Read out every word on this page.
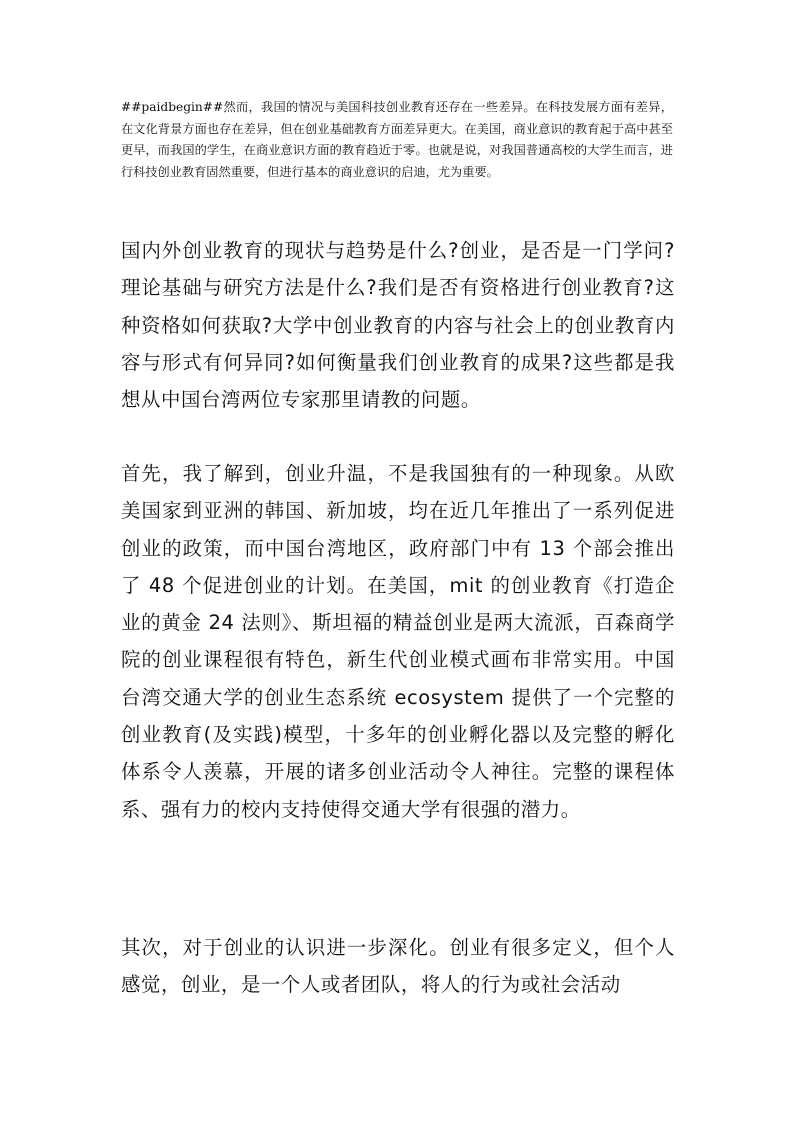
##paidbegin##然而，我国的情况与美国科技创业教育还存在一些差异。在科技发展方面有差异，在文化背景方面也存在差异，但在创业基础教育方面差异更大。在美国，商业意识的教育起于高中甚至更早，而我国的学生，在商业意识方面的教育趋近于零。也就是说，对我国普通高校的大学生而言，进行科技创业教育固然重要，但进行基本的商业意识的启迪，尤为重要。

国内外创业教育的现状与趋势是什么?创业，是否是一门学问?理论基础与研究方法是什么?我们是否有资格进行创业教育?这种资格如何获取?大学中创业教育的内容与社会上的创业教育内容与形式有何异同?如何衡量我们创业教育的成果?这些都是我想从中国台湾两位专家那里请教的问题。

首先，我了解到，创业升温，不是我国独有的一种现象。从欧美国家到亚洲的韩国、新加坡，均在近几年推出了一系列促进创业的政策，而中国台湾地区，政府部门中有 13 个部会推出了 48 个促进创业的计划。在美国，mit 的创业教育《打造企业的黄金 24 法则》、斯坦福的精益创业是两大流派，百森商学院的创业课程很有特色，新生代创业模式画布非常实用。中国台湾交通大学的创业生态系统 ecosystem 提供了一个完整的创业教育(及实践)模型，十多年的创业孵化器以及完整的孵化体系令人羡慕，开展的诸多创业活动令人神往。完整的课程体系、强有力的校内支持使得交通大学有很强的潜力。

其次，对于创业的认识进一步深化。创业有很多定义，但个人感觉，创业，是一个人或者团队，将人的行为或社会活动
